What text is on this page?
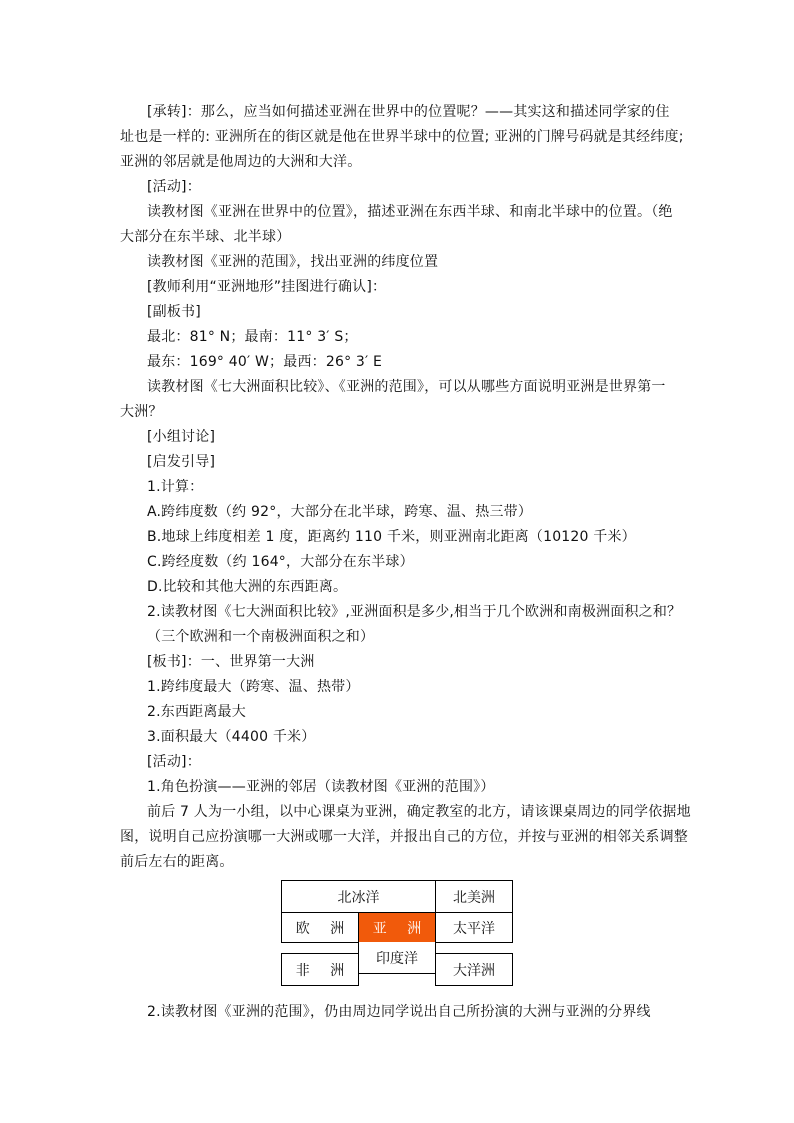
[承转]：那么，应当如何描述亚洲在世界中的位置呢？——其实这和描述同学家的住
址也是一样的: 亚洲所在的街区就是他在世界半球中的位置; 亚洲的门牌号码就是其经纬度;
亚洲的邻居就是他周边的大洲和大洋。
[活动]：
读教材图《亚洲在世界中的位置》，描述亚洲在东西半球、和南北半球中的位置。（绝
大部分在东半球、北半球）
读教材图《亚洲的范围》，找出亚洲的纬度位置
[教师利用“亚洲地形”挂图进行确认]：
[副板书]
最北：81° N；最南：11° 3′ S；
最东：169° 40′ W；最西：26° 3′ E
读教材图《七大洲面积比较》、《亚洲的范围》，可以从哪些方面说明亚洲是世界第一
大洲？
[小组讨论]
[启发引导]
1.计算：
A.跨纬度数（约 92°，大部分在北半球，跨寒、温、热三带）
B.地球上纬度相差 1 度，距离约 110 千米，则亚洲南北距离（10120 千米）
C.跨经度数（约 164°，大部分在东半球）
D.比较和其他大洲的东西距离。
2.读教材图《七大洲面积比较》,亚洲面积是多少,相当于几个欧洲和南极洲面积之和？
（三个欧洲和一个南极洲面积之和）
[板书]：一、世界第一大洲
1.跨纬度最大（跨寒、温、热带）
2.东西距离最大
3.面积最大（4400 千米）
[活动]：
1.角色扮演——亚洲的邻居（读教材图《亚洲的范围》）
前后 7 人为一小组，以中心课桌为亚洲，确定教室的北方，请该课桌周边的同学依据地
图，说明自己应扮演哪一大洲或哪一大洋，并报出自己的方位，并按与亚洲的相邻关系调整
前后左右的距离。
北冰洋	北美洲
欧 洲	亚 洲	太平洋
非 洲
印度洋
大洋洲
2.读教材图《亚洲的范围》，仍由周边同学说出自己所扮演的大洲与亚洲的分界线
